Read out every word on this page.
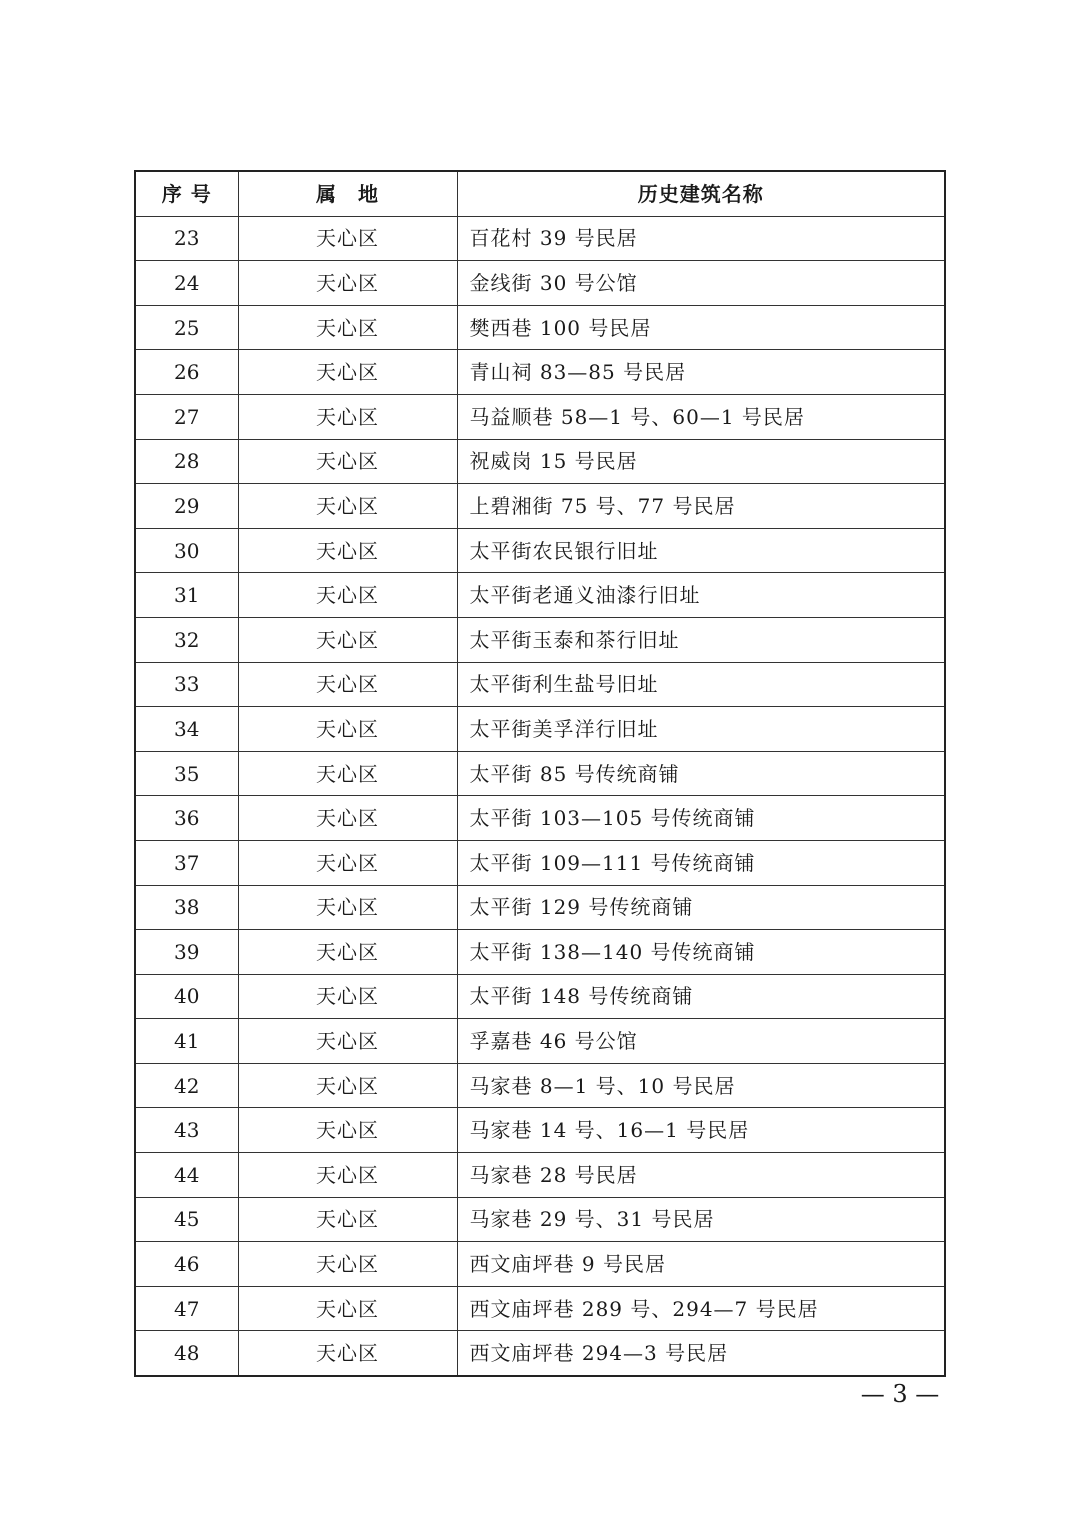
序 号	属　地	历史建筑名称
23	天心区	百花村 39 号民居
24	天心区	金线街 30 号公馆
25	天心区	樊西巷 100 号民居
26	天心区	青山祠 83—85 号民居
27	天心区	马益顺巷 58—1 号、60—1 号民居
28	天心区	祝威岗 15 号民居
29	天心区	上碧湘街 75 号、77 号民居
30	天心区	太平街农民银行旧址
31	天心区	太平街老通义油漆行旧址
32	天心区	太平街玉泰和茶行旧址
33	天心区	太平街利生盐号旧址
34	天心区	太平街美孚洋行旧址
35	天心区	太平街 85 号传统商铺
36	天心区	太平街 103—105 号传统商铺
37	天心区	太平街 109—111 号传统商铺
38	天心区	太平街 129 号传统商铺
39	天心区	太平街 138—140 号传统商铺
40	天心区	太平街 148 号传统商铺
41	天心区	孚嘉巷 46 号公馆
42	天心区	马家巷 8—1 号、10 号民居
43	天心区	马家巷 14 号、16—1 号民居
44	天心区	马家巷 28 号民居
45	天心区	马家巷 29 号、31 号民居
46	天心区	西文庙坪巷 9 号民居
47	天心区	西文庙坪巷 289 号、294—7 号民居
48	天心区	西文庙坪巷 294—3 号民居
— 3 —
